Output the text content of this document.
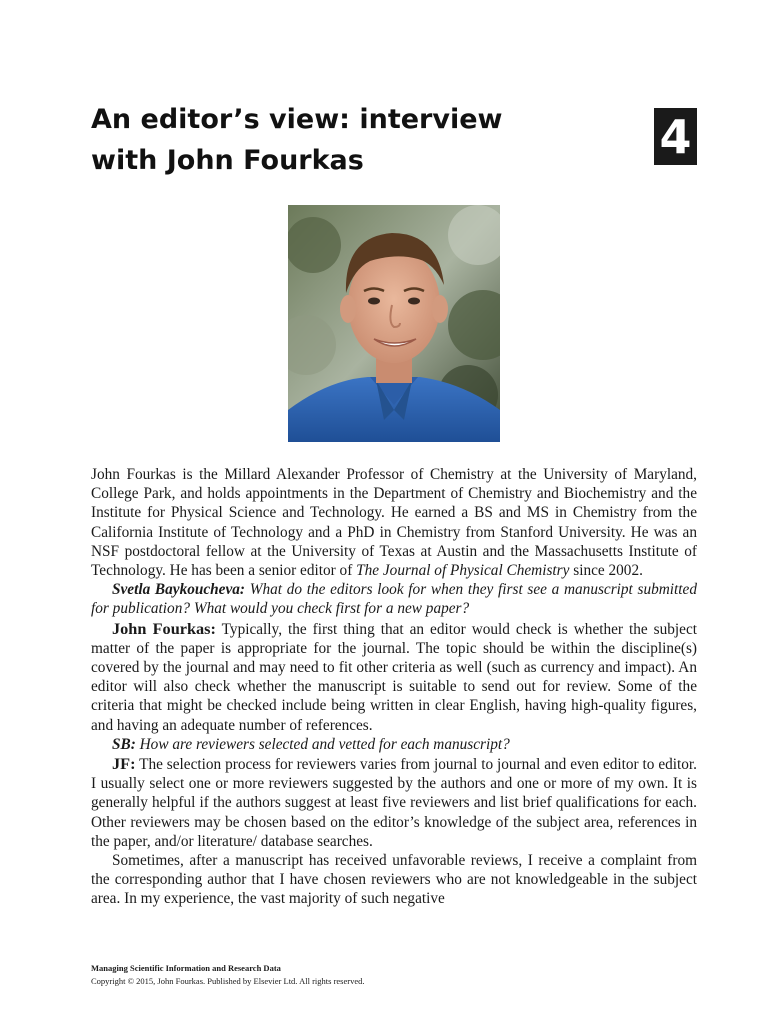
An editor’s view: interview
with John Fourkas	4

John Fourkas is the Millard Alexander Professor of Chemistry at the University of Maryland, College Park, and holds appointments in the Department of Chemistry and Biochemistry and the Institute for Physical Science and Technology. He earned a BS and MS in Chemistry from the California Institute of Technology and a PhD in Chemistry from Stanford University. He was an NSF postdoctoral fellow at the University of Texas at Austin and the Massachusetts Institute of Technology. He has been a senior editor of The Journal of Physical Chemistry since 2002.

Svetla Baykoucheva: What do the editors look for when they first see a manuscript submitted for publication? What would you check first for a new paper?

John Fourkas: Typically, the first thing that an editor would check is whether the subject matter of the paper is appropriate for the journal. The topic should be within the discipline(s) covered by the journal and may need to fit other criteria as well (such as currency and impact). An editor will also check whether the manuscript is suitable to send out for review. Some of the criteria that might be checked include being written in clear English, having high-quality figures, and having an adequate number of references.

SB: How are reviewers selected and vetted for each manuscript?

JF: The selection process for reviewers varies from journal to journal and even editor to editor. I usually select one or more reviewers suggested by the authors and one or more of my own. It is generally helpful if the authors suggest at least five reviewers and list brief qualifications for each. Other reviewers may be chosen based on the editor’s knowledge of the subject area, references in the paper, and/or literature/ database searches.

Sometimes, after a manuscript has received unfavorable reviews, I receive a complaint from the corresponding author that I have chosen reviewers who are not knowledgeable in the subject area. In my experience, the vast majority of such negative

Managing Scientific Information and Research Data
Copyright © 2015, John Fourkas. Published by Elsevier Ltd. All rights reserved.
